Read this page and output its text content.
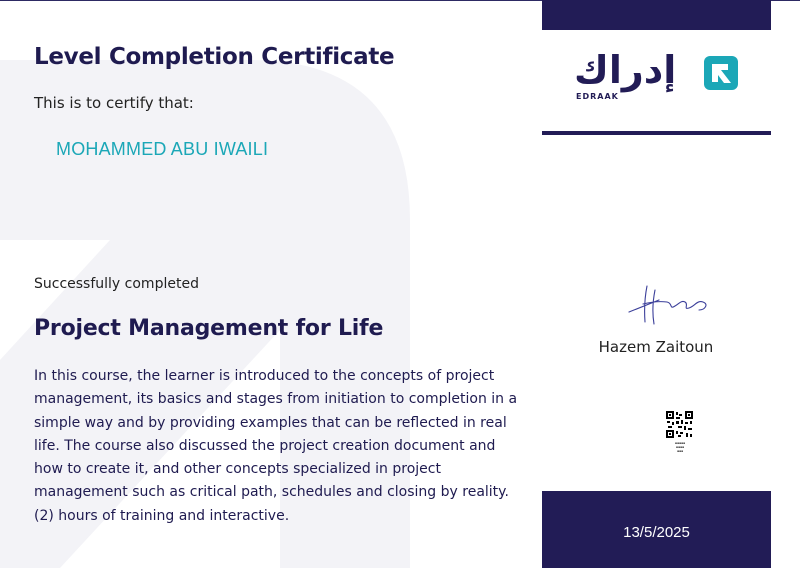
Level Completion Certificate
This is to certify that:
MOHAMMED ABU IWAILI
Successfully completed
Project Management for Life
In this course, the learner is introduced to the concepts of project management, its basics and stages from initiation to completion in a simple way and by providing examples that can be reflected in real life. The course also discussed the project creation document and how to create it, and other concepts specialized in project management such as critical path, schedules and closing by reality. (2) hours of training and interactive.
إدراك
EDRAAK
Hazem Zaitoun
▪▪▪▪▪
▪▪▪▪
▪▪▪
13/5/2025
